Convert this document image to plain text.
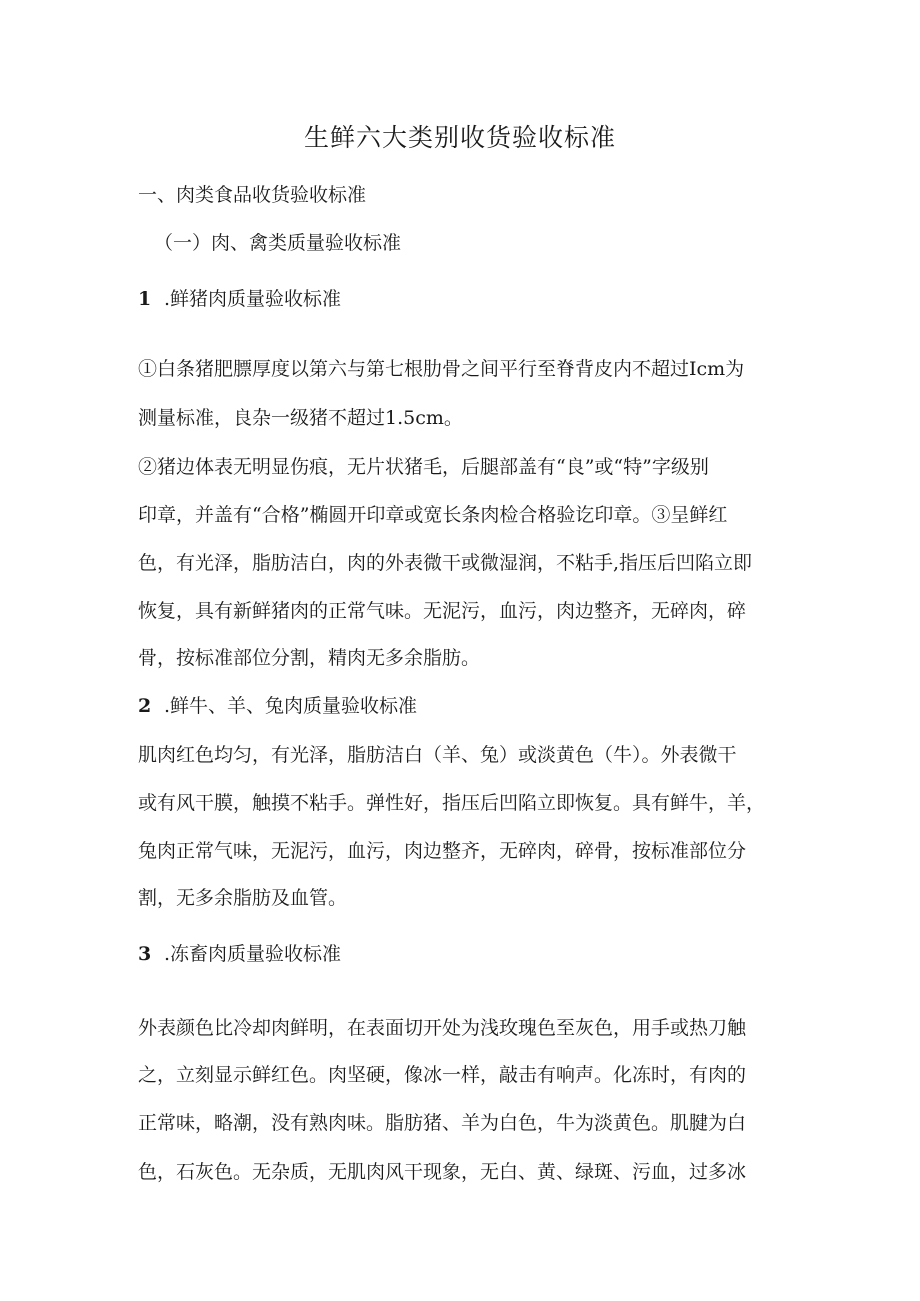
生鲜六大类别收货验收标准
一、肉类食品收货验收标准
（一）肉、禽类质量验收标准
1 .鲜猪肉质量验收标准
①白条猪肥膘厚度以第六与第七根肋骨之间平行至脊背皮内不超过Icm为
测量标准，良杂一级猪不超过1.5cm。
②猪边体表无明显伤痕，无片状猪毛，后腿部盖有“良”或“特”字级别
印章，并盖有“合格”椭圆开印章或宽长条肉检合格验讫印章。③呈鲜红
色，有光泽，脂肪洁白，肉的外表微干或微湿润，不粘手,指压后凹陷立即
恢复，具有新鲜猪肉的正常气味。无泥污，血污，肉边整齐，无碎肉，碎
骨，按标准部位分割，精肉无多余脂肪。
2 .鲜牛、羊、兔肉质量验收标准
肌肉红色均匀，有光泽，脂肪洁白（羊、兔）或淡黄色（牛）。外表微干
或有风干膜，触摸不粘手。弹性好，指压后凹陷立即恢复。具有鲜牛，羊，
兔肉正常气味，无泥污，血污，肉边整齐，无碎肉，碎骨，按标准部位分
割，无多余脂肪及血管。
3 .冻畜肉质量验收标准
外表颜色比冷却肉鲜明，在表面切开处为浅玫瑰色至灰色，用手或热刀触
之，立刻显示鲜红色。肉坚硬，像冰一样，敲击有响声。化冻时，有肉的
正常味，略潮，没有熟肉味。脂肪猪、羊为白色，牛为淡黄色。肌腱为白
色，石灰色。无杂质，无肌肉风干现象，无白、黄、绿斑、污血，过多冰
